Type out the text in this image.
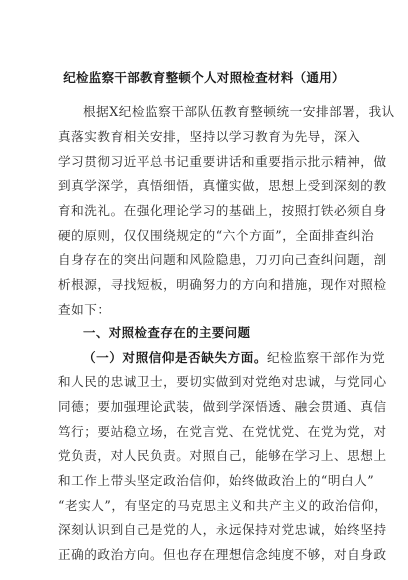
纪检监察干部教育整顿个人对照检查材料（通用）
根据X纪检监察干部队伍教育整顿统一安排部署，我认
真落实教育相关安排，坚持以学习教育为先导，深入
学习贯彻习近平总书记重要讲话和重要指示批示精神，做
到真学深学，真悟细悟，真懂实做，思想上受到深刻的教
育和洗礼。在强化理论学习的基础上，按照打铁必须自身
硬的原则，仅仅围绕规定的“六个方面”，全面排查纠治
自身存在的突出问题和风险隐患，刀刃向己查纠问题，剖
析根源，寻找短板，明确努力的方向和措施，现作对照检
查如下：
一、对照检查存在的主要问题
（一）对照信仰是否缺失方面。纪检监察干部作为党
和人民的忠诚卫士，要切实做到对党绝对忠诚，与党同心
同德；要加强理论武装，做到学深悟透、融会贯通、真信
笃行；要站稳立场，在党言党、在党忧党、在党为党，对
党负责，对人民负责。对照自己，能够在学习上、思想上
和工作上带头坚定政治信仰，始终做政治上的“明白人”
“老实人”，有坚定的马克思主义和共产主义的政治信仰，
深刻认识到自己是党的人，永远保持对党忠诚，始终坚持
正确的政治方向。但也存在理想信念纯度不够，对自身政
